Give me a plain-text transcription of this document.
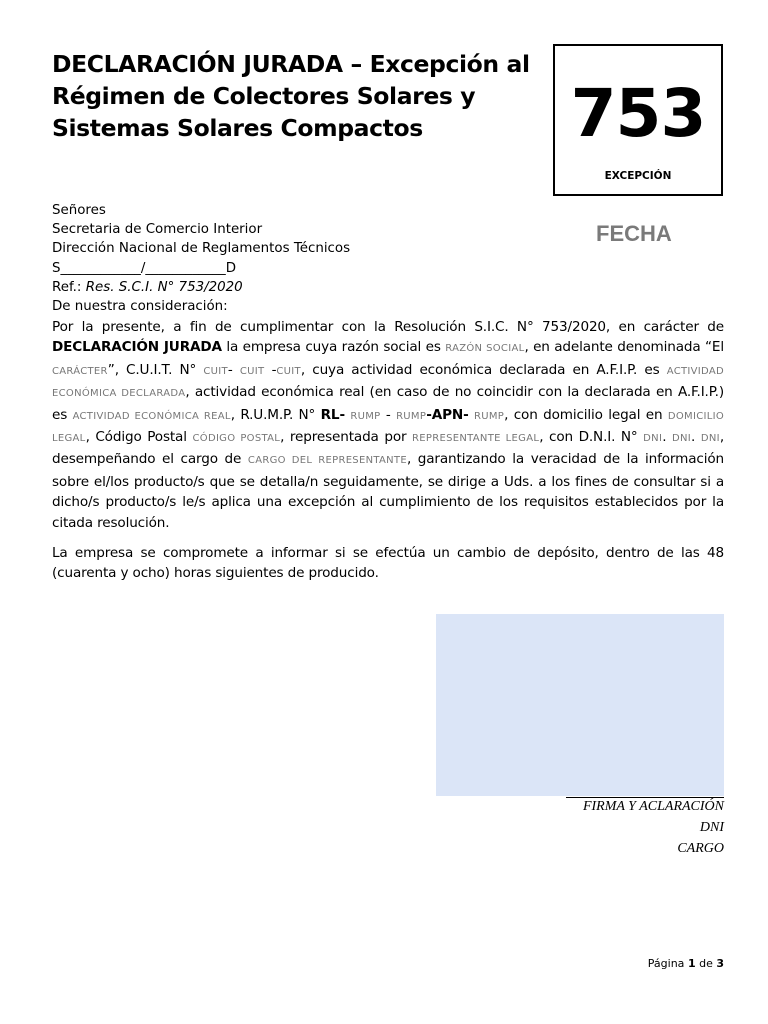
DECLARACIÓN JURADA – Excepción al
Régimen de Colectores Solares y
Sistemas Solares Compactos	753
EXCEPCIÓN
FECHA
Señores
Secretaria de Comercio Interior
Dirección Nacional de Reglamentos Técnicos
S____________/____________D
Ref.: Res. S.C.I. N° 753/2020
De nuestra consideración:

Por la presente, a fin de cumplimentar con la Resolución S.I.C. N° 753/2020, en carácter de DECLARACIÓN JURADA la empresa cuya razón social es RAZÓN SOCIAL, en adelante denominada “El CARÁCTER”, C.U.I.T. N° CUIT- CUIT -CUIT, cuya actividad económica declarada en A.F.I.P. es ACTIVIDAD ECONÓMICA DECLARADA, actividad económica real (en caso de no coincidir con la declarada en A.F.I.P.) es ACTIVIDAD ECONÓMICA REAL, R.U.M.P. N° RL- RUMP - RUMP-APN- RUMP, con domicilio legal en DOMICILIO LEGAL, Código Postal CÓDIGO POSTAL, representada por REPRESENTANTE LEGAL, con D.N.I. N° DNI. DNI. DNI, desempeñando el cargo de CARGO DEL REPRESENTANTE, garantizando la veracidad de la información sobre el/los producto/s que se detalla/n seguidamente, se dirige a Uds. a los fines de consultar si a dicho/s producto/s le/s aplica una excepción al cumplimiento de los requisitos establecidos por la citada resolución.

La empresa se compromete a informar si se efectúa un cambio de depósito, dentro de las 48 (cuarenta y ocho) horas siguientes de producido.

FIRMA Y ACLARACIÓN
DNI
CARGO
Página 1 de 3
